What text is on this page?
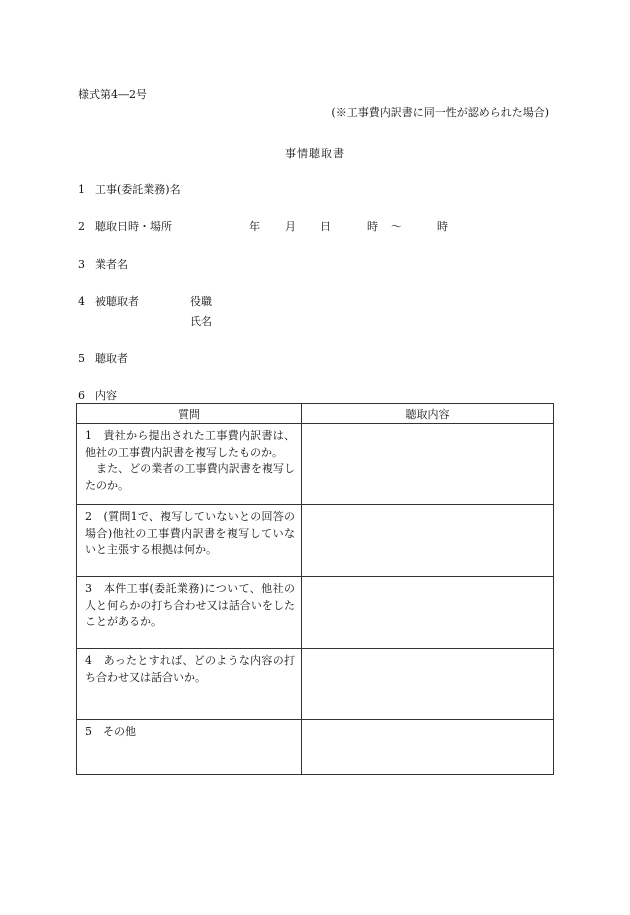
様式第4―2号
(※工事費内訳書に同一性が認められた場合)
事情聴取書
1 工事(委託業務)名
2 聴取日時・場所	年 月 日	時 〜	時
3 業者名
4 被聴取者	役職
氏名
5 聴取者
6 内容
質問	聴取内容
1　貴社から提出された工事費内訳書は、他社の工事費内訳書を複写したものか。
　また、どの業者の工事費内訳書を複写したのか。	
2　(質問1で、複写していないとの回答の場合)他社の工事費内訳書を複写していないと主張する根拠は何か。	
3　本件工事(委託業務)について、他社の人と何らかの打ち合わせ又は話合いをしたことがあるか。	
4　あったとすれば、どのような内容の打ち合わせ又は話合いか。	
5　その他	
